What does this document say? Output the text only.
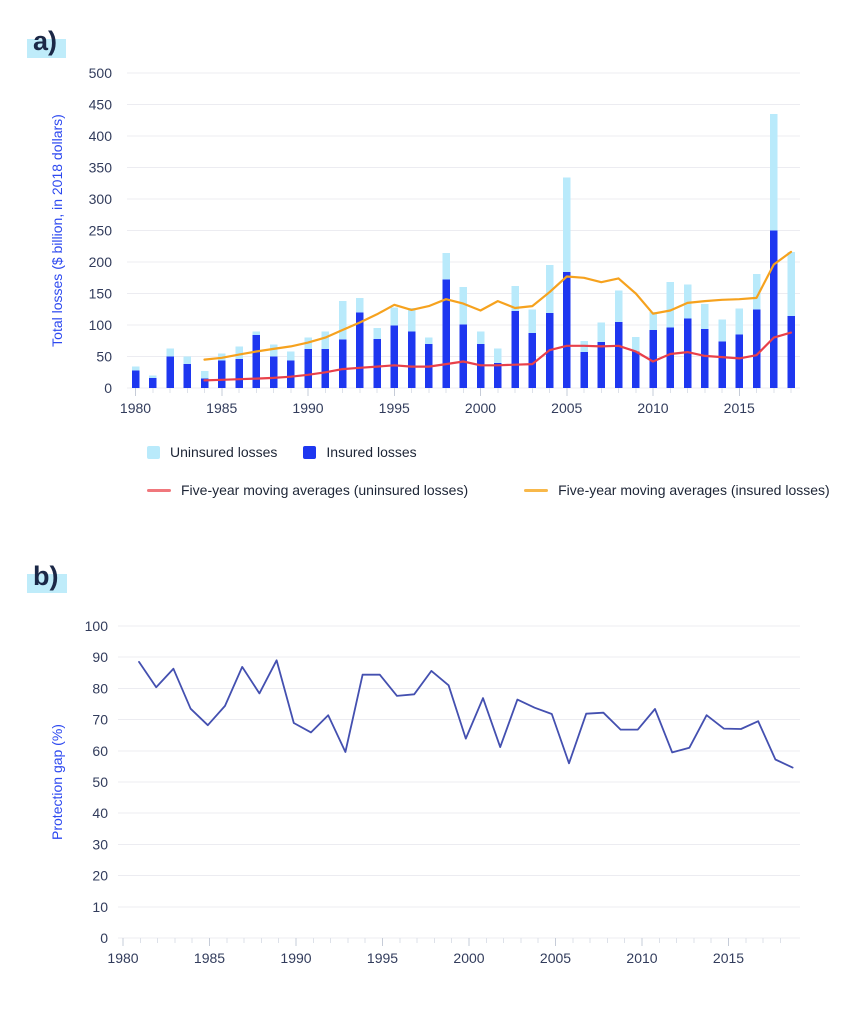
a)
0
50
100
150
200
250
300
350
400
450
500
1980	1985	1990	1995	2000	2005	2010	2015
Total losses ($ billion, in 2018 dollars)
Uninsured losses	Insured losses
Five-year moving averages (uninsured losses)	Five-year moving averages (insured losses)
b)
0
10
20
30
40
50
60
70
80
90
100
1980	1985	1990	1995	2000	2005	2010	2015
Protection gap (%)
